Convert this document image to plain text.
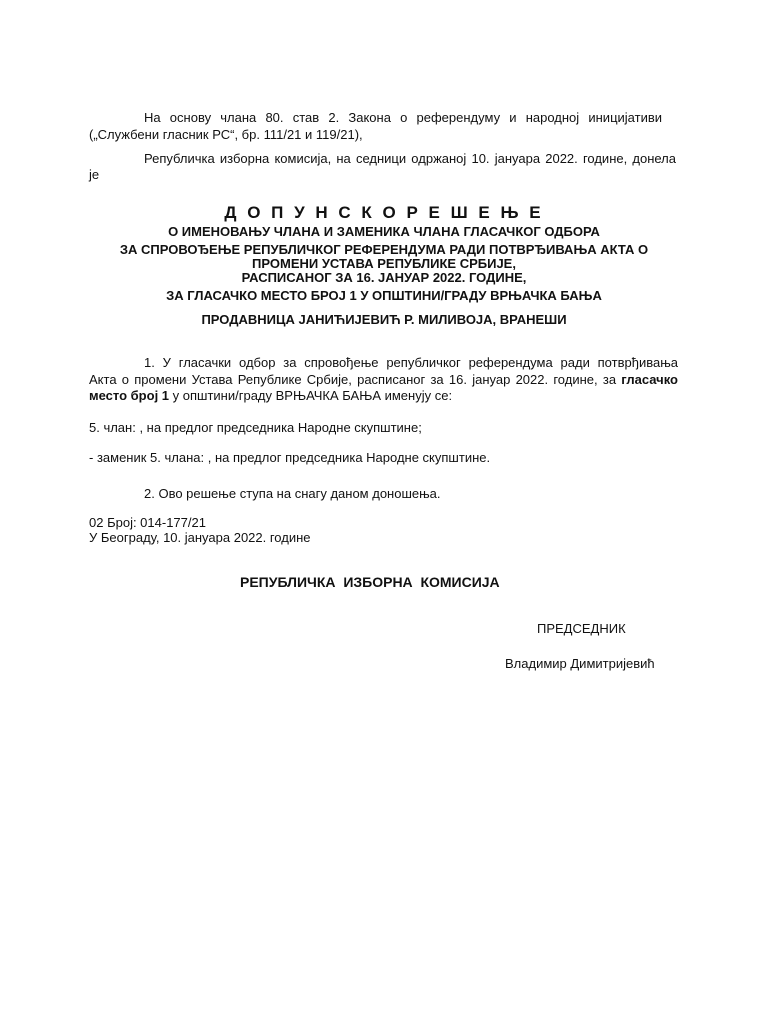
На основу члана 80. став 2. Закона о референдуму и народној иницијативи
(„Службени гласник РС“, бр. 111/21 и 119/21),
Републичка изборна комисија, на седници одржаној 10. јануара 2022. године, донела
је
Д О П У Н С К О Р Е Ш Е Њ Е
О ИМЕНОВАЊУ ЧЛАНА И ЗАМЕНИКА ЧЛАНА ГЛАСАЧКОГ ОДБОРА
ЗА СПРОВОЂЕЊЕ РЕПУБЛИЧКОГ РЕФЕРЕНДУМА РАДИ ПОТВРЂИВАЊА АКТА О
ПРОМЕНИ УСТАВА РЕПУБЛИКЕ СРБИЈЕ,
РАСПИСАНОГ ЗА 16. ЈАНУАР 2022. ГОДИНЕ,
ЗА ГЛАСАЧКО МЕСТО БРОЈ 1 У ОПШТИНИ/ГРАДУ ВРЊАЧКА БАЊА
ПРОДАВНИЦА ЈАНИЋИЈЕВИЋ Р. МИЛИВОЈА, ВРАНЕШИ
1. У гласачки одбор за спровођење републичког референдума ради потврђивања
Акта о промени Устава Републике Србије, расписаног за 16. јануар 2022. године, за гласачко
место број 1 у општини/граду ВРЊАЧКА БАЊА именују се:
5. члан: , на предлог председника Народне скупштине;
- заменик 5. члана: , на предлог председника Народне скупштине.
2. Ово решење ступа на снагу даном доношења.
02 Број: 014-177/21
У Београду, 10. јануара 2022. године
РЕПУБЛИЧКА  ИЗБОРНА  КОМИСИЈА
ПРЕДСЕДНИК
Владимир Димитријевић
